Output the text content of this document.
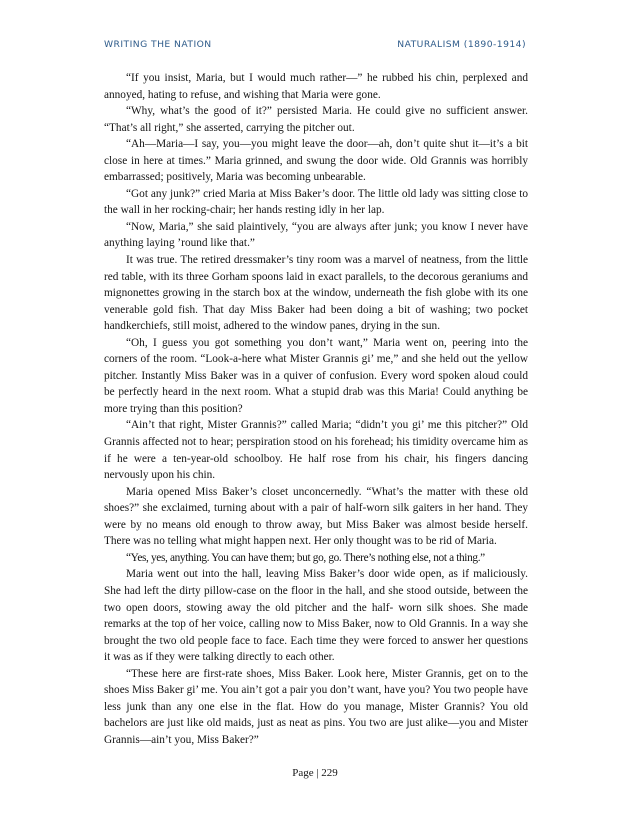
WRITING THE NATION	NATURALISM (1890-1914)

“If you insist, Maria, but I would much rather—” he rubbed his chin, perplexed and annoyed, hating to refuse, and wishing that Maria were gone.

“Why, what’s the good of it?” persisted Maria. He could give no sufficient answer. “That’s all right,” she asserted, carrying the pitcher out.

“Ah—Maria—I say, you—you might leave the door—ah, don’t quite shut it—it’s a bit close in here at times.” Maria grinned, and swung the door wide. Old Grannis was horribly embarrassed; positively, Maria was becoming unbearable.

“Got any junk?” cried Maria at Miss Baker’s door. The little old lady was sitting close to the wall in her rocking-chair; her hands resting idly in her lap.

“Now, Maria,” she said plaintively, “you are always after junk; you know I never have anything laying ’round like that.”

It was true. The retired dressmaker’s tiny room was a marvel of neatness, from the little red table, with its three Gorham spoons laid in exact parallels, to the decorous geraniums and mignonettes growing in the starch box at the window, underneath the fish globe with its one venerable gold fish. That day Miss Baker had been doing a bit of washing; two pocket handkerchiefs, still moist, adhered to the window panes, drying in the sun.

“Oh, I guess you got something you don’t want,” Maria went on, peering into the corners of the room. “Look-a-here what Mister Grannis gi’ me,” and she held out the yellow pitcher. Instantly Miss Baker was in a quiver of confusion. Every word spoken aloud could be perfectly heard in the next room. What a stupid drab was this Maria! Could anything be more trying than this position?

“Ain’t that right, Mister Grannis?” called Maria; “didn’t you gi’ me this pitcher?” Old Grannis affected not to hear; perspiration stood on his forehead; his timidity overcame him as if he were a ten-year-old schoolboy. He half rose from his chair, his fingers dancing nervously upon his chin.

Maria opened Miss Baker’s closet unconcernedly. “What’s the matter with these old shoes?” she exclaimed, turning about with a pair of half-worn silk gaiters in her hand. They were by no means old enough to throw away, but Miss Baker was almost beside herself. There was no telling what might happen next. Her only thought was to be rid of Maria.

“Yes, yes, anything. You can have them; but go, go. There’s nothing else, not a thing.”

Maria went out into the hall, leaving Miss Baker’s door wide open, as if maliciously. She had left the dirty pillow-case on the floor in the hall, and she stood outside, between the two open doors, stowing away the old pitcher and the half- worn silk shoes. She made remarks at the top of her voice, calling now to Miss Baker, now to Old Grannis. In a way she brought the two old people face to face. Each time they were forced to answer her questions it was as if they were talking directly to each other.

“These here are first-rate shoes, Miss Baker. Look here, Mister Grannis, get on to the shoes Miss Baker gi’ me. You ain’t got a pair you don’t want, have you? You two people have less junk than any one else in the flat. How do you manage, Mister Grannis? You old bachelors are just like old maids, just as neat as pins. You two are just alike—you and Mister Grannis—ain’t you, Miss Baker?”

Page | 229
